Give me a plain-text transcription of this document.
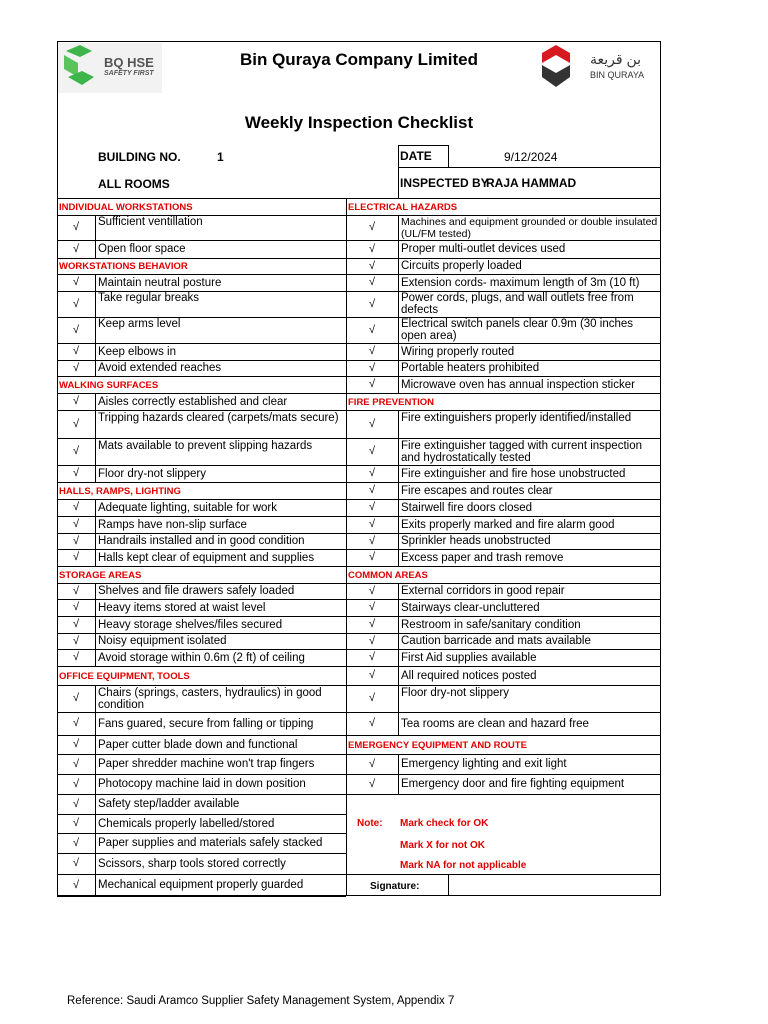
BQ HSE
SAFETY FIRST
Bin Quraya Company Limited	بن قريعة
BIN QURAYA
Weekly Inspection Checklist
BUILDING NO.	1
ALL ROOMS
DATE	9/12/2024
INSPECTED BY
RAJA HAMMAD
INDIVIDUAL WORKSTATIONS
√	Sufficient ventillation
√	Open floor space
WORKSTATIONS BEHAVIOR
√	Maintain neutral posture
√	Take regular breaks
√	Keep arms level
√	Keep elbows in
√	Avoid extended reaches
WALKING SURFACES
√	Aisles correctly established and clear
√	Tripping hazards cleared (carpets/mats secure)
√	Mats available to prevent slipping hazards
√	Floor dry-not slippery
HALLS, RAMPS, LIGHTING
√	Adequate lighting, suitable for work
√	Ramps have non-slip surface
√	Handrails installed and in good condition
√	Halls kept clear of equipment and supplies
STORAGE AREAS
√	Shelves and file drawers safely loaded
√	Heavy items stored at waist level
√	Heavy storage shelves/files secured
√	Noisy equipment isolated
√	Avoid storage within 0.6m (2 ft) of ceiling
OFFICE EQUIPMENT, TOOLS
√	Chairs (springs, casters, hydraulics) in good condition
√	Fans guared, secure from falling or tipping
√	Paper cutter blade down and functional
√	Paper shredder machine won't trap fingers
√	Photocopy machine laid in down position
√	Safety step/ladder available
√	Chemicals properly labelled/stored
√	Paper supplies and materials safely stacked
√	Scissors, sharp tools stored correctly
√	Mechanical equipment properly guarded
ELECTRICAL HAZARDS
√	Machines and equipment grounded or double insulated (UL/FM tested)
√	Proper multi-outlet devices used
√	Circuits properly loaded
√	Extension cords- maximum length of 3m (10 ft)
√	Power cords, plugs, and wall outlets free from defects
√	Electrical switch panels clear 0.9m (30 inches open area)
√	Wiring properly routed
√	Portable heaters prohibited
√	Microwave oven has annual inspection sticker
FIRE PREVENTION
√	Fire extinguishers properly identified/installed
√	Fire extinguisher tagged with current inspection and hydrostatically tested
√	Fire extinguisher and fire hose unobstructed
√	Fire escapes and routes clear
√	Stairwell fire doors closed
√	Exits properly marked and fire alarm good
√	Sprinkler heads unobstructed
√	Excess paper and trash remove
COMMON AREAS
√	External corridors in good repair
√	Stairways clear-uncluttered
√	Restroom in safe/sanitary condition
√	Caution barricade and mats available
√	First Aid supplies available
√	All required notices posted
√	Floor dry-not slippery
√	Tea rooms are clean and hazard free
EMERGENCY EQUIPMENT AND ROUTE
√	Emergency lighting and exit light
√	Emergency door and fire fighting equipment
Note: Mark check for OK
Mark X for not OK
Mark NA for not applicable
Signature:
Reference: Saudi Aramco Supplier Safety Management System, Appendix 7
